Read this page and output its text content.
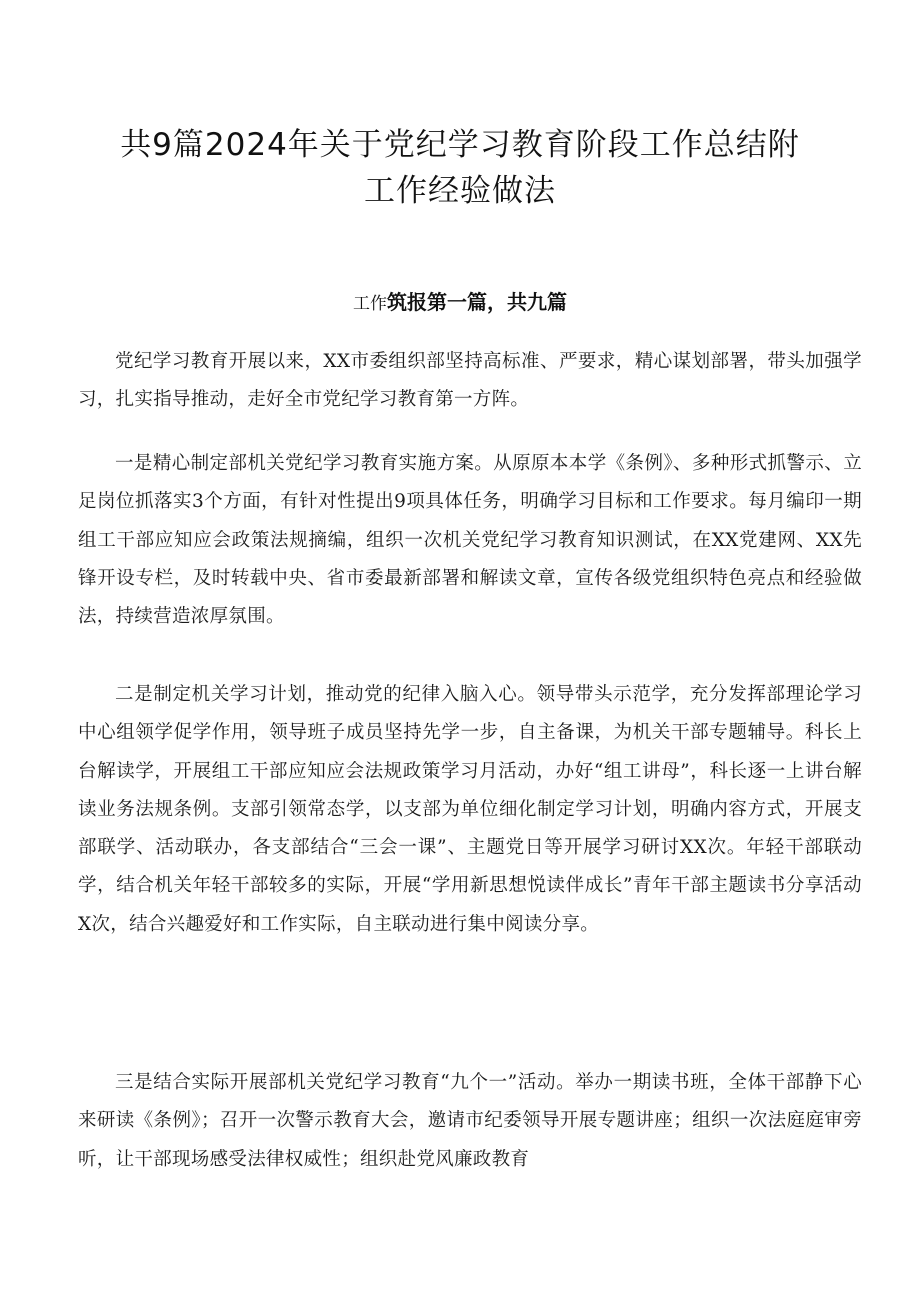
共9篇2024年关于党纪学习教育阶段工作总结附工作经验做法
工作筑报第一篇，共九篇

党纪学习教育开展以来，XX市委组织部坚持高标准、严要求，精心谋划部署，带头加强学习，扎实指导推动，走好全市党纪学习教育第一方阵。

一是精心制定部机关党纪学习教育实施方案。从原原本本学《条例》、多种形式抓警示、立足岗位抓落实3个方面，有针对性提出9项具体任务，明确学习目标和工作要求。每月编印一期组工干部应知应会政策法规摘编，组织一次机关党纪学习教育知识测试，在XX党建网、XX先锋开设专栏，及时转载中央、省市委最新部署和解读文章，宣传各级党组织特色亮点和经验做法，持续营造浓厚氛围。

二是制定机关学习计划，推动党的纪律入脑入心。领导带头示范学，充分发挥部理论学习中心组领学促学作用，领导班子成员坚持先学一步，自主备课，为机关干部专题辅导。科长上台解读学，开展组工干部应知应会法规政策学习月活动，办好“组工讲母”，科长逐一上讲台解读业务法规条例。支部引领常态学，以支部为单位细化制定学习计划，明确内容方式，开展支部联学、活动联办，各支部结合“三会一课”、主题党日等开展学习研讨XX次。年轻干部联动学，结合机关年轻干部较多的实际，开展“学用新思想悦读伴成长”青年干部主题读书分享活动X次，结合兴趣爱好和工作实际，自主联动进行集中阅读分享。

三是结合实际开展部机关党纪学习教育“九个一”活动。举办一期读书班，全体干部静下心来研读《条例》；召开一次警示教育大会，邀请市纪委领导开展专题讲座；组织一次法庭庭审旁听，让干部现场感受法律权威性；组织赴党风廉政教育
